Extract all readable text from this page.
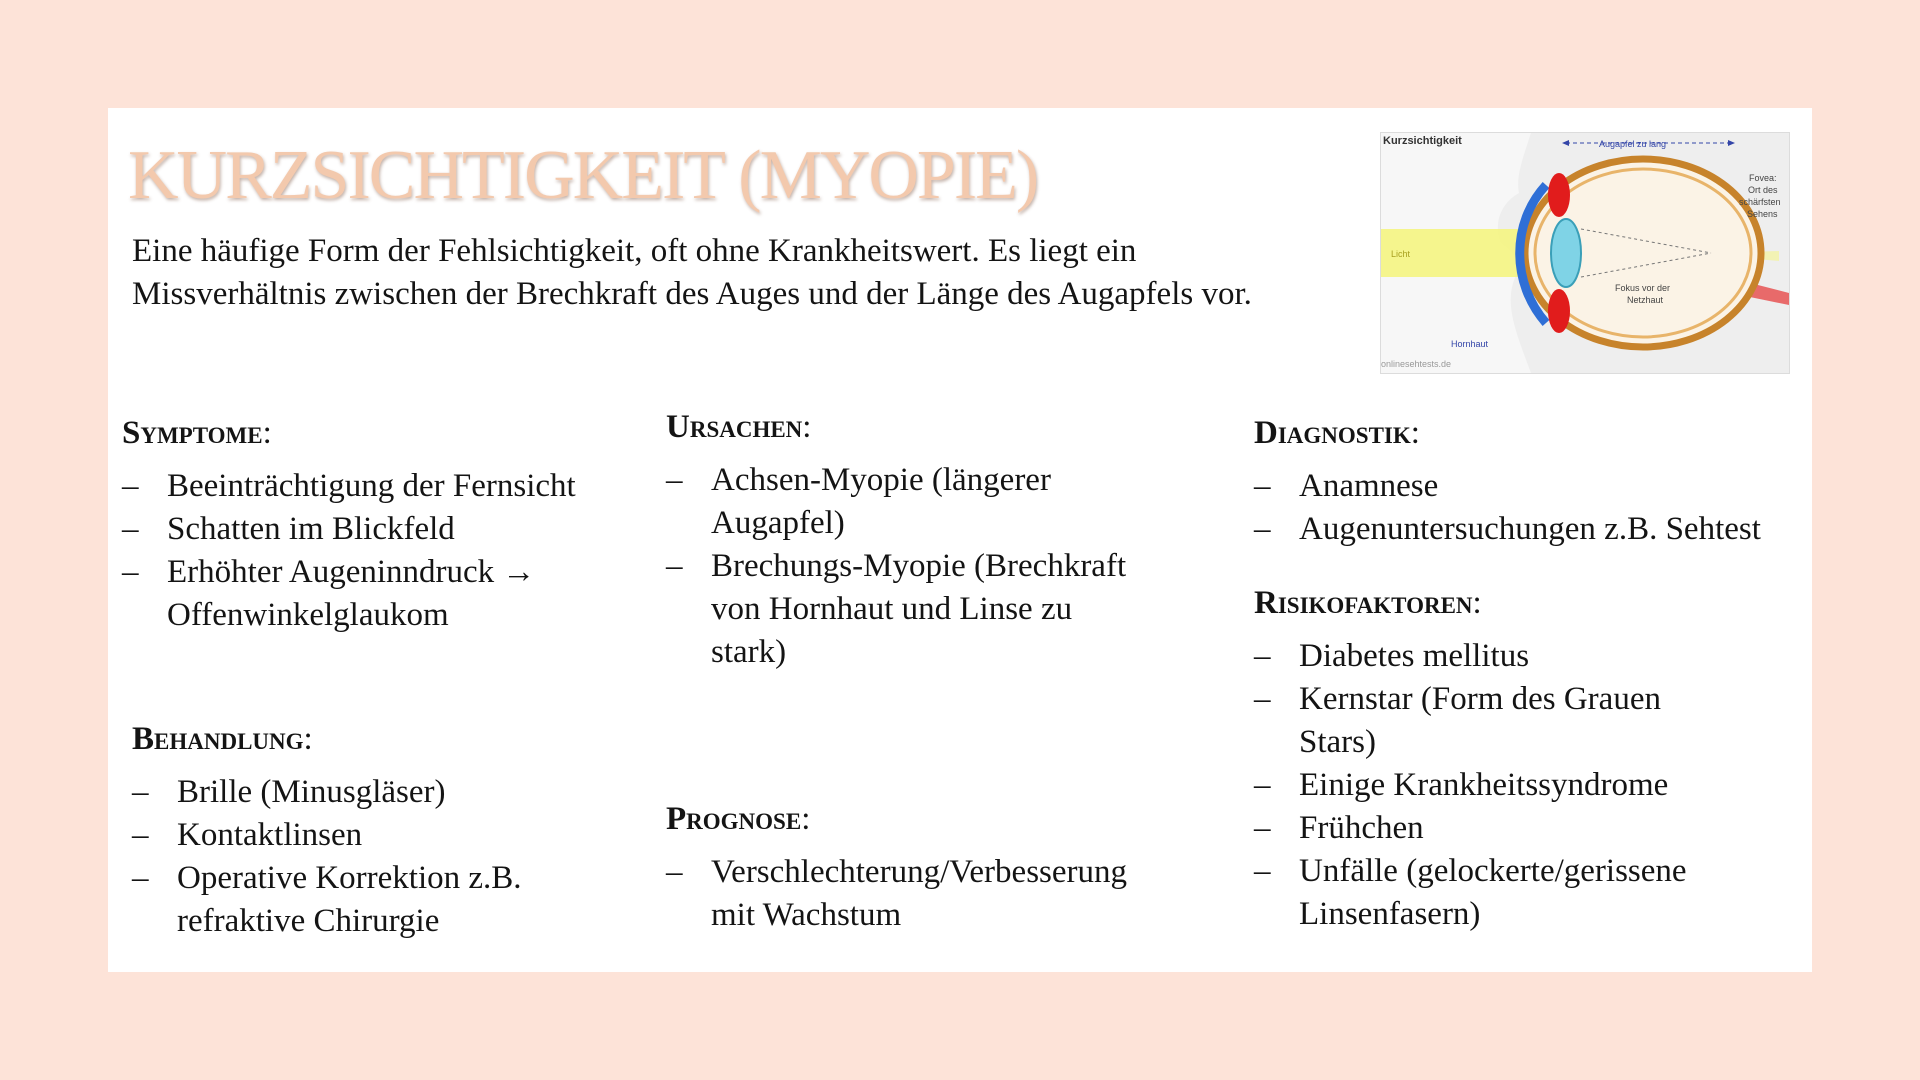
KURZSICHTIGKEIT (MYOPIE)

Eine häufige Form der Fehlsichtigkeit, oft ohne Krankheitswert. Es liegt ein Missverhältnis zwischen der Brechkraft des Auges und der Länge des Augapfels vor.

Kurzsichtigkeit	Augapfel zu lang
Licht
Fovea:
Ort des
schärfsten
Sehens
Fokus vor der
Netzhaut
Hornhaut
onlinesehtests.de
Symptome:
– Beeinträchtigung der Fernsicht
– Schatten im Blickfeld
– Erhöhter Augeninndruck →
Offenwinkelglaukom
Ursachen:
– Achsen-Myopie (längerer
Augapfel)
– Brechungs-Myopie (Brechkraft
von Hornhaut und Linse zu
stark)
Diagnostik:
– Anamnese
– Augenuntersuchungen z.B. Sehtest
Risikofaktoren:
– Diabetes mellitus
– Kernstar (Form des Grauen
Stars)
– Einige Krankheitssyndrome
– Frühchen
– Unfälle (gelockerte/gerissene
Linsenfasern)
Behandlung:
– Brille (Minusgläser)
– Kontaktlinsen
– Operative Korrektion z.B.
refraktive Chirurgie
Prognose:
– Verschlechterung/Verbesserung
mit Wachstum
